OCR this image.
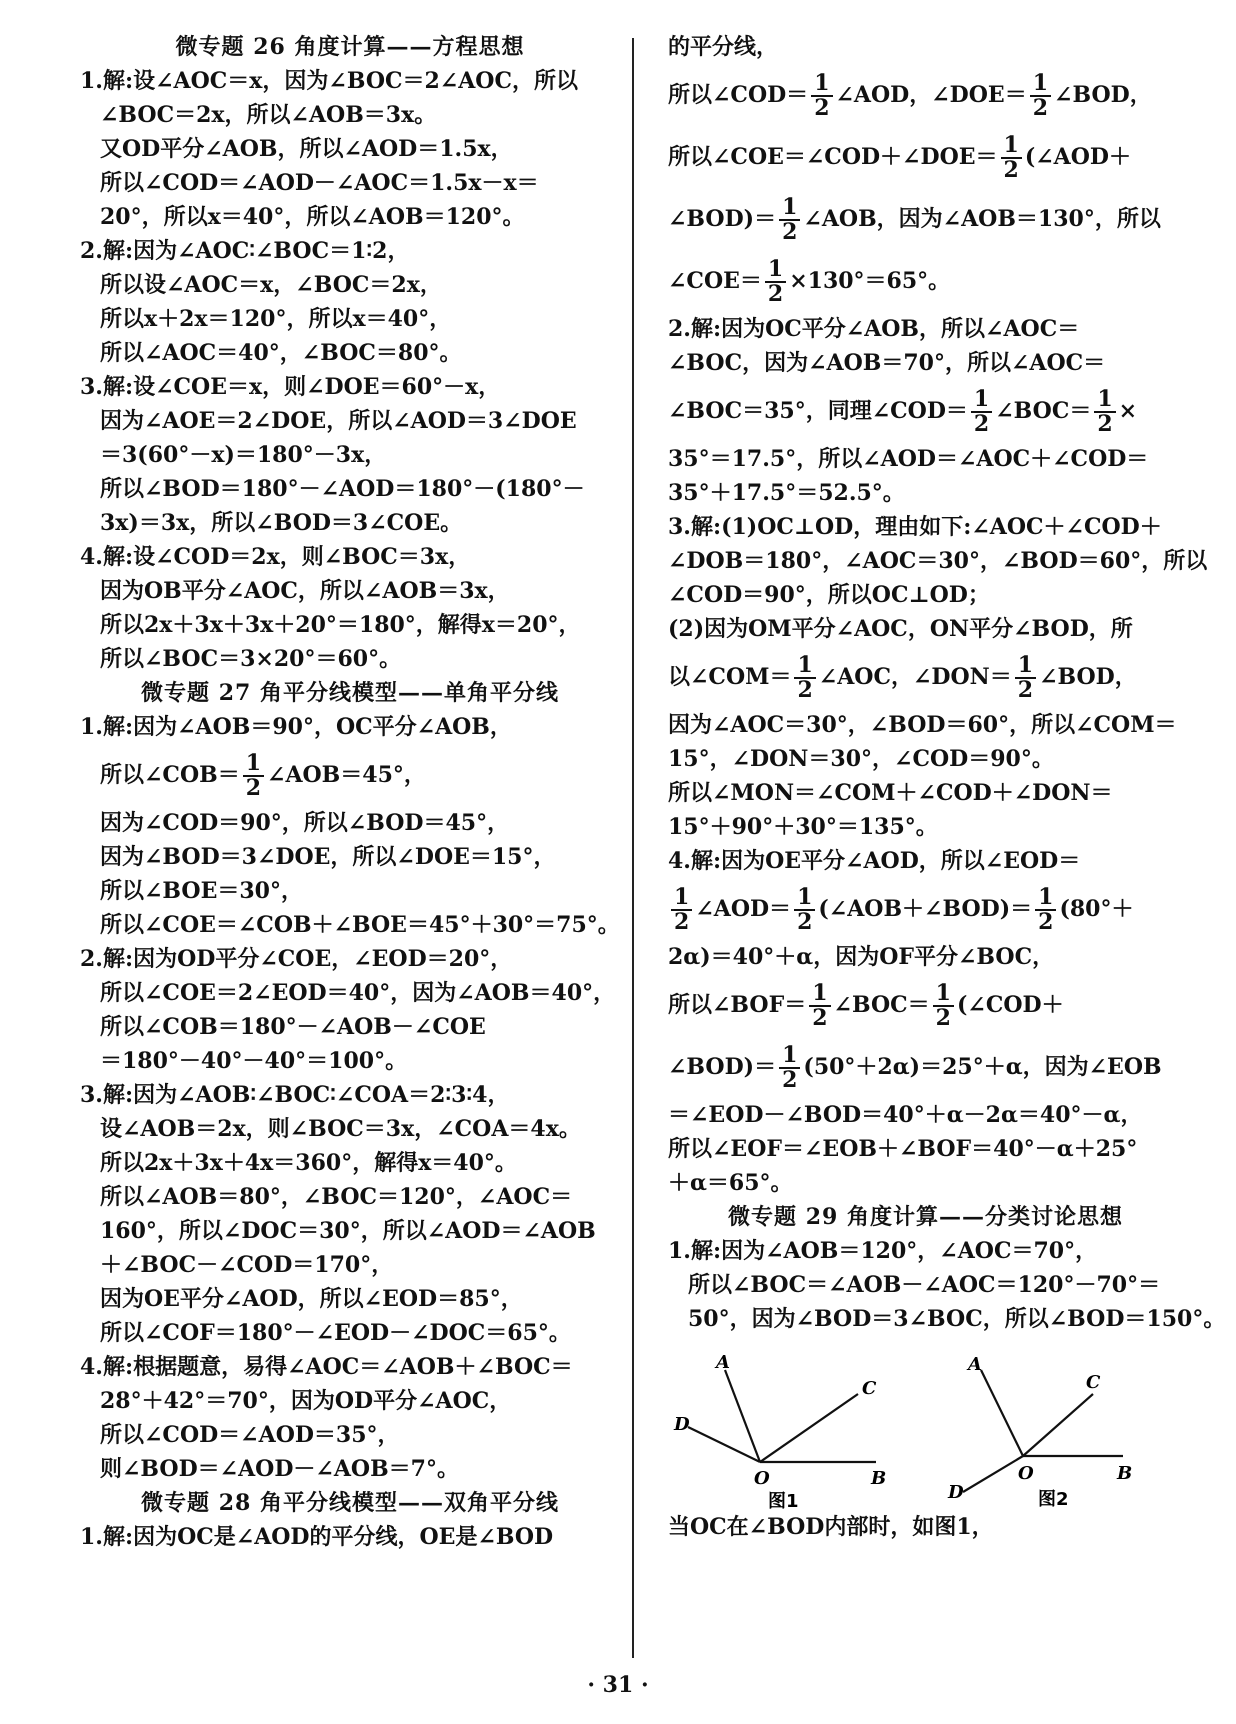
微专题 26 角度计算——方程思想
1.解:设∠AOC＝x，因为∠BOC＝2∠AOC，所以
∠BOC＝2x，所以∠AOB＝3x。
又OD平分∠AOB，所以∠AOD＝1.5x，
所以∠COD＝∠AOD－∠AOC＝1.5x－x＝
20°，所以x＝40°，所以∠AOB＝120°。
2.解:因为∠AOC∶∠BOC＝1∶2，
所以设∠AOC＝x，∠BOC＝2x，
所以x＋2x＝120°，所以x＝40°，
所以∠AOC＝40°，∠BOC＝80°。
3.解:设∠COE＝x，则∠DOE＝60°－x，
因为∠AOE＝2∠DOE，所以∠AOD＝3∠DOE
＝3(60°－x)＝180°－3x，
所以∠BOD＝180°－∠AOD＝180°－(180°－
3x)＝3x，所以∠BOD＝3∠COE。
4.解:设∠COD＝2x，则∠BOC＝3x，
因为OB平分∠AOC，所以∠AOB＝3x，
所以2x＋3x＋3x＋20°＝180°，解得x＝20°，
所以∠BOC＝3×20°＝60°。
微专题 27 角平分线模型——单角平分线
1.解:因为∠AOB＝90°，OC平分∠AOB，
所以∠COB＝ $\frac{1}{2}$ ∠AOB＝45°，
因为∠COD＝90°，所以∠BOD＝45°，
因为∠BOD＝3∠DOE，所以∠DOE＝15°，
所以∠BOE＝30°，
所以∠COE＝∠COB＋∠BOE＝45°＋30°＝75°。
2.解:因为OD平分∠COE，∠EOD＝20°，
所以∠COE＝2∠EOD＝40°，因为∠AOB＝40°，
所以∠COB＝180°－∠AOB－∠COE
＝180°－40°－40°＝100°。
3.解:因为∠AOB∶∠BOC∶∠COA＝2∶3∶4，
设∠AOB＝2x，则∠BOC＝3x，∠COA＝4x。
所以2x＋3x＋4x＝360°，解得x＝40°。
所以∠AOB＝80°，∠BOC＝120°，∠AOC＝
160°，所以∠DOC＝30°，所以∠AOD＝∠AOB
＋∠BOC－∠COD＝170°，
因为OE平分∠AOD，所以∠EOD＝85°，
所以∠COF＝180°－∠EOD－∠DOC＝65°。
4.解:根据题意，易得∠AOC＝∠AOB＋∠BOC＝
28°＋42°＝70°，因为OD平分∠AOC，
所以∠COD＝∠AOD＝35°，
则∠BOD＝∠AOD－∠AOB＝7°。
微专题 28 角平分线模型——双角平分线
1.解:因为OC是∠AOD的平分线，OE是∠BOD
的平分线，
所以∠COD＝ $\frac{1}{2}$ ∠AOD，∠DOE＝ $\frac{1}{2}$ ∠BOD，
所以∠COE＝∠COD＋∠DOE＝ $\frac{1}{2}$ (∠AOD＋
∠BOD)＝ $\frac{1}{2}$ ∠AOB，因为∠AOB＝130°，所以
∠COE＝ $\frac{1}{2} \times 130^\circ=65^\circ$。
2.解:因为OC平分∠AOB，所以∠AOC＝
∠BOC，因为∠AOB＝70°，所以∠AOC＝
∠BOC＝35°，同理∠COD＝ $\frac{1}{2}$ ∠BOC＝ $\frac{1}{2}$ ×
35°＝17.5°，所以∠AOD＝∠AOC＋∠COD＝
35°＋17.5°＝52.5°。
3.解:(1)OC⊥OD，理由如下:∠AOC＋∠COD＋
∠DOB＝180°，∠AOC＝30°，∠BOD＝60°，所以
∠COD＝90°，所以OC⊥OD；
(2)因为OM平分∠AOC，ON平分∠BOD，所
以∠COM＝ $\frac{1}{2}$ ∠AOC，∠DON＝ $\frac{1}{2}$ ∠BOD，
因为∠AOC＝30°，∠BOD＝60°，所以∠COM＝
15°，∠DON＝30°，∠COD＝90°。
所以∠MON＝∠COM＋∠COD＋∠DON＝
15°＋90°＋30°＝135°。
4.解:因为OE平分∠AOD，所以∠EOD＝
$\frac{1}{2}$ ∠AOD＝ $\frac{1}{2}$ (∠AOB＋∠BOD)＝ $\frac{1}{2} (80^\circ+$
2α)＝40°＋α，因为OF平分∠BOC，
所以∠BOF＝ $\frac{1}{2}$ ∠BOC＝ $\frac{1}{2}$ (∠COD＋
∠BOD)＝ $\frac{1}{2} (50^\circ+2\alpha)=25^\circ+\alpha$，因为∠EOB
＝∠EOD－∠BOD＝40°＋α－2α＝40°－α，
所以∠EOF＝∠EOB＋∠BOF＝40°－α＋25°
＋α＝65°。
微专题 29 角度计算——分类讨论思想
1.解:因为∠AOB＝120°，∠AOC＝70°，
所以∠BOC＝∠AOB－∠AOC＝120°－70°＝
50°，因为∠BOD＝3∠BOC，所以∠BOD＝150°。
A
C
D
O	B
图1
A
C
D
O	B
图2
当OC在∠BOD内部时，如图1，
· 31 ·
